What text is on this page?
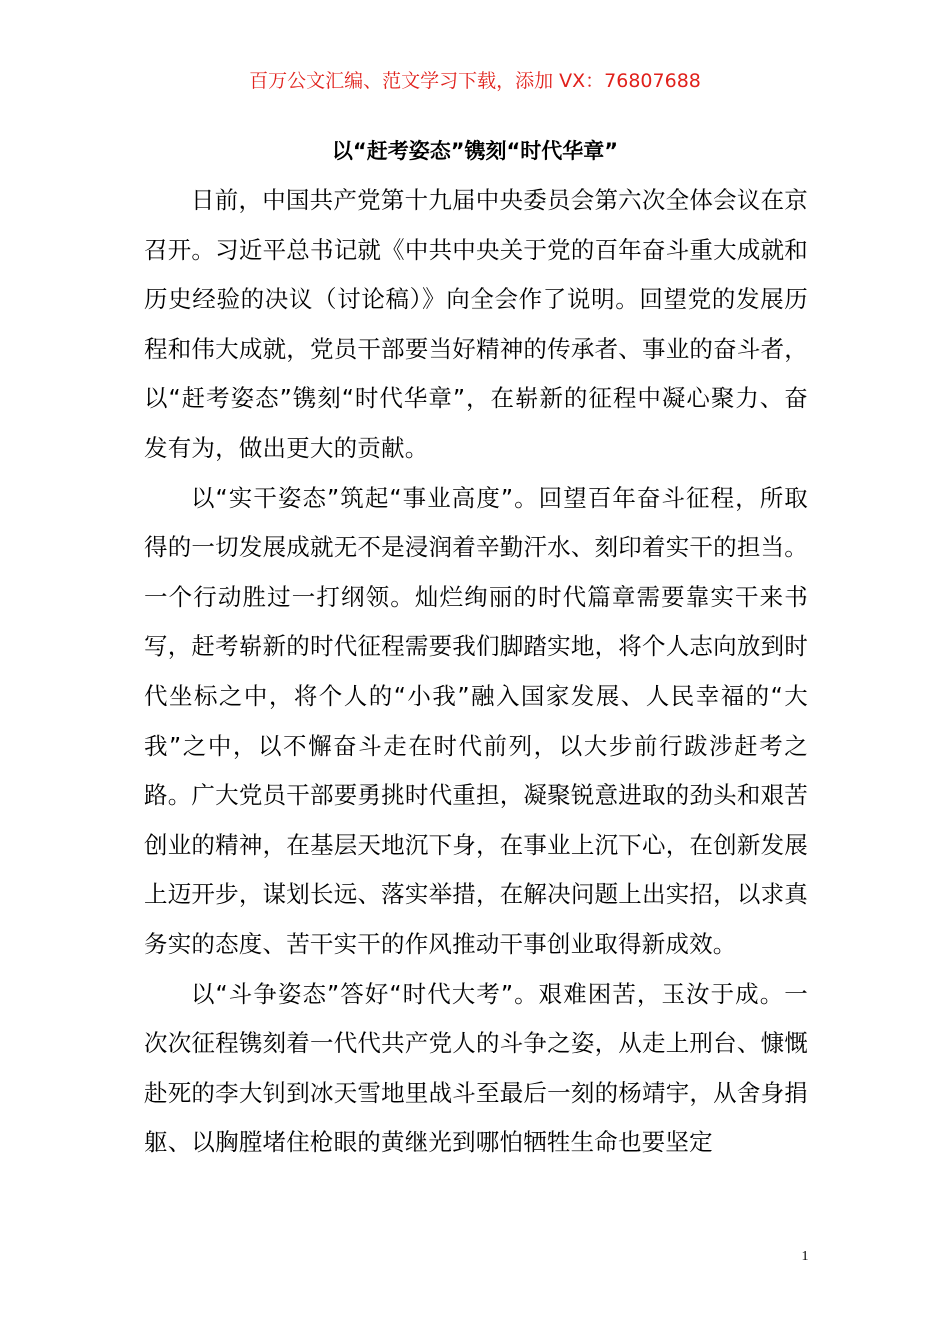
百万公文汇编、范文学习下载，添加 VX：76807688
以“赶考姿态”镌刻“时代华章”

日前，中国共产党第十九届中央委员会第六次全体会议在京召开。习近平总书记就《中共中央关于党的百年奋斗重大成就和历史经验的决议（讨论稿）》向全会作了说明。回望党的发展历程和伟大成就，党员干部要当好精神的传承者、事业的奋斗者，以“赶考姿态”镌刻“时代华章”，在崭新的征程中凝心聚力、奋发有为，做出更大的贡献。

以“实干姿态”筑起“事业高度”。回望百年奋斗征程，所取得的一切发展成就无不是浸润着辛勤汗水、刻印着实干的担当。一个行动胜过一打纲领。灿烂绚丽的时代篇章需要靠实干来书写，赶考崭新的时代征程需要我们脚踏实地，将个人志向放到时代坐标之中，将个人的“小我”融入国家发展、人民幸福的“大我”之中，以不懈奋斗走在时代前列，以大步前行跋涉赶考之路。广大党员干部要勇挑时代重担，凝聚锐意进取的劲头和艰苦创业的精神，在基层天地沉下身，在事业上沉下心，在创新发展上迈开步，谋划长远、落实举措，在解决问题上出实招，以求真务实的态度、苦干实干的作风推动干事创业取得新成效。

以“斗争姿态”答好“时代大考”。艰难困苦，玉汝于成。一次次征程镌刻着一代代共产党人的斗争之姿，从走上刑台、慷慨赴死的李大钊到冰天雪地里战斗至最后一刻的杨靖宇，从舍身捐躯、以胸膛堵住枪眼的黄继光到哪怕牺牲生命也要坚定

1
